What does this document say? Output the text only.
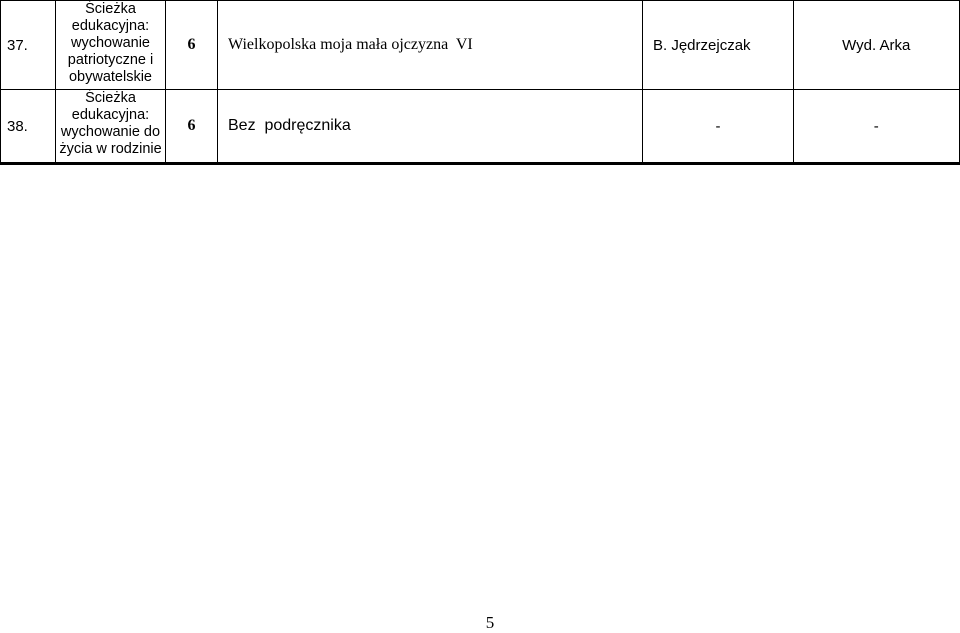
37.	Ścieżka
edukacyjna:
wychowanie
patriotyczne i
obywatelskie	6	Wielkopolska moja mała ojczyzna  VI	B. Jędrzejczak	Wyd. Arka
38.	Ścieżka
edukacyjna:
wychowanie do
życia w rodzinie	6	Bez  podręcznika	-	-
5
